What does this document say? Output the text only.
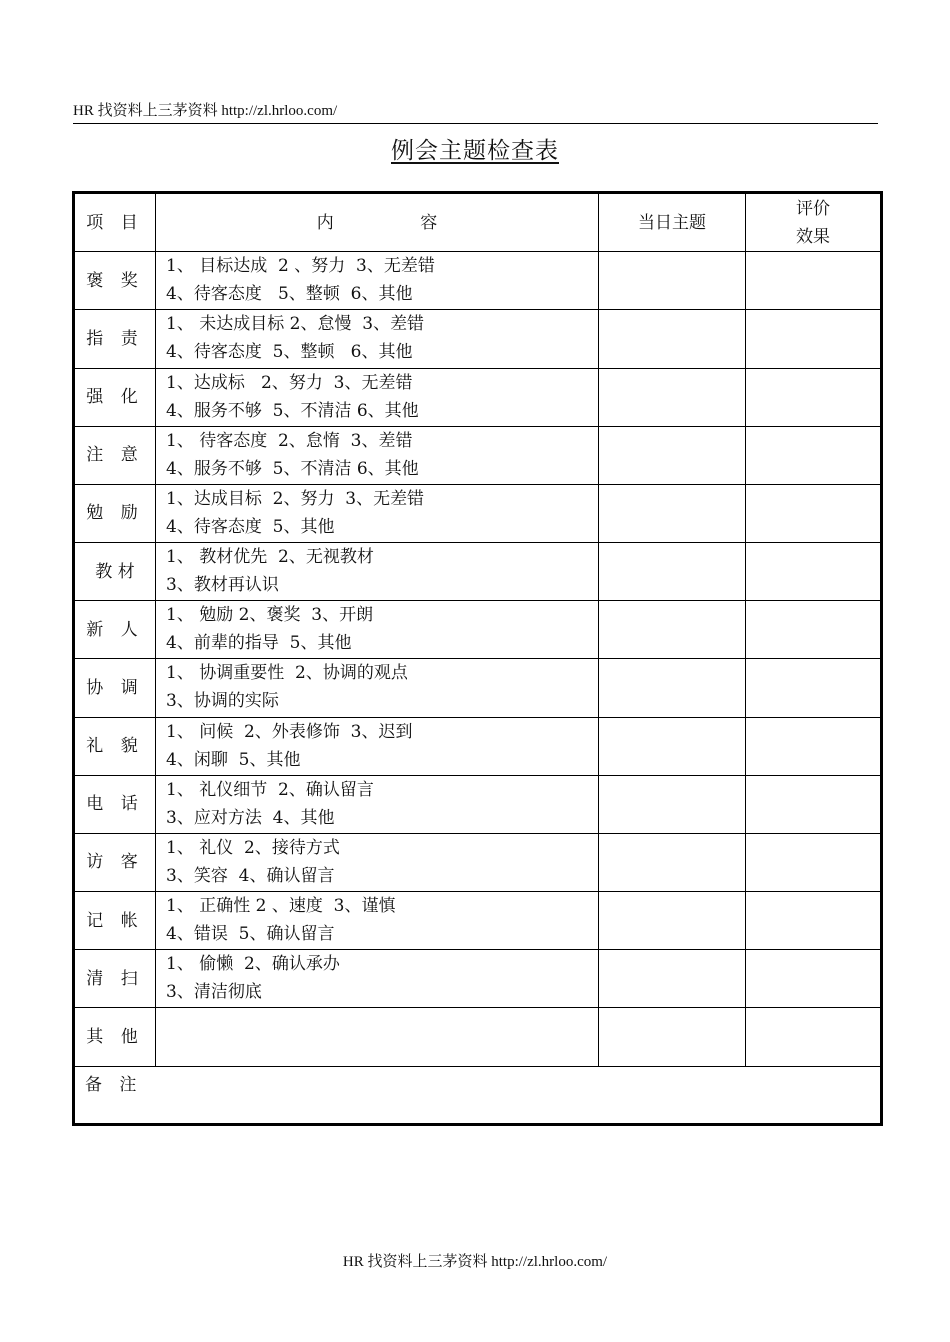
HR 找资料上三茅资料 http://zl.hrloo.com/
例会主题检查表
项 目	内                容	当日主题	评价
效果

褒 奖	1、 目标达成  2 、努力  3、无差错
4、待客态度   5、整顿  6、其他		

指 责	1、 未达成目标 2、怠慢  3、差错
4、待客态度  5、整顿   6、其他		

强 化	1、达成标   2、努力  3、无差错
4、服务不够  5、不清洁 6、其他		

注 意	1、 待客态度  2、怠惰  3、差错
4、服务不够  5、不清洁 6、其他		

勉 励	1、达成目标  2、努力  3、无差错
4、待客态度  5、其他		

教 材	1、 教材优先  2、无视教材
3、教材再认识		

新 人	1、 勉励 2、褒奖  3、开朗
4、前辈的指导  5、其他		

协 调	1、 协调重要性  2、协调的观点
3、协调的实际		

礼 貌	1、 问候  2、外表修饰  3、迟到
4、闲聊  5、其他		

电 话	1、 礼仪细节  2、确认留言
3、应对方法  4、其他		

访 客	1、 礼仪  2、接待方式
3、笑容  4、确认留言		

记 帐	1、 正确性 2 、速度  3、谨慎
4、错误  5、确认留言		

清 扫	1、 偷懒  2、确认承办
3、清洁彻底		

其 他	

备 注			
HR 找资料上三茅资料 http://zl.hrloo.com/
